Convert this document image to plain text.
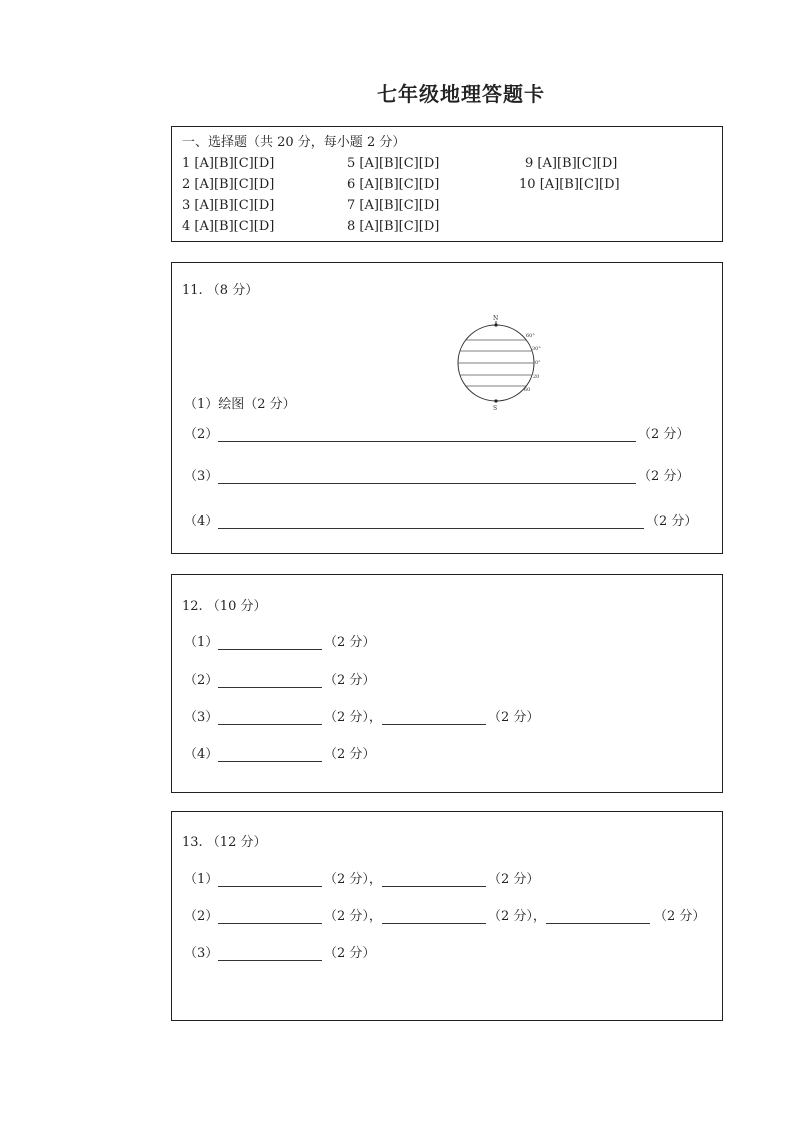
七年级地理答题卡
一、选择题（共 20 分，每小题 2 分）
1 [A][B][C][D]
2 [A][B][C][D]
3 [A][B][C][D]
4 [A][B][C][D]
5 [A][B][C][D]
6 [A][B][C][D]
7 [A][B][C][D]
8 [A][B][C][D]
9 [A][B][C][D]
10 [A][B][C][D]
11. （8 分）
N
S
60°
30°
0°
20
60
（1）绘图（2 分）
（2）	（2 分）
（3）	（2 分）
（4）	（2 分）
12. （10 分）
（1）	（2 分）
（2）	（2 分）
（3）	（2 分），	（2 分）
（4）	（2 分）
13. （12 分）
（1）	（2 分），	（2 分）
（2）	（2 分），	（2 分），	（2 分）
（3）	（2 分）
